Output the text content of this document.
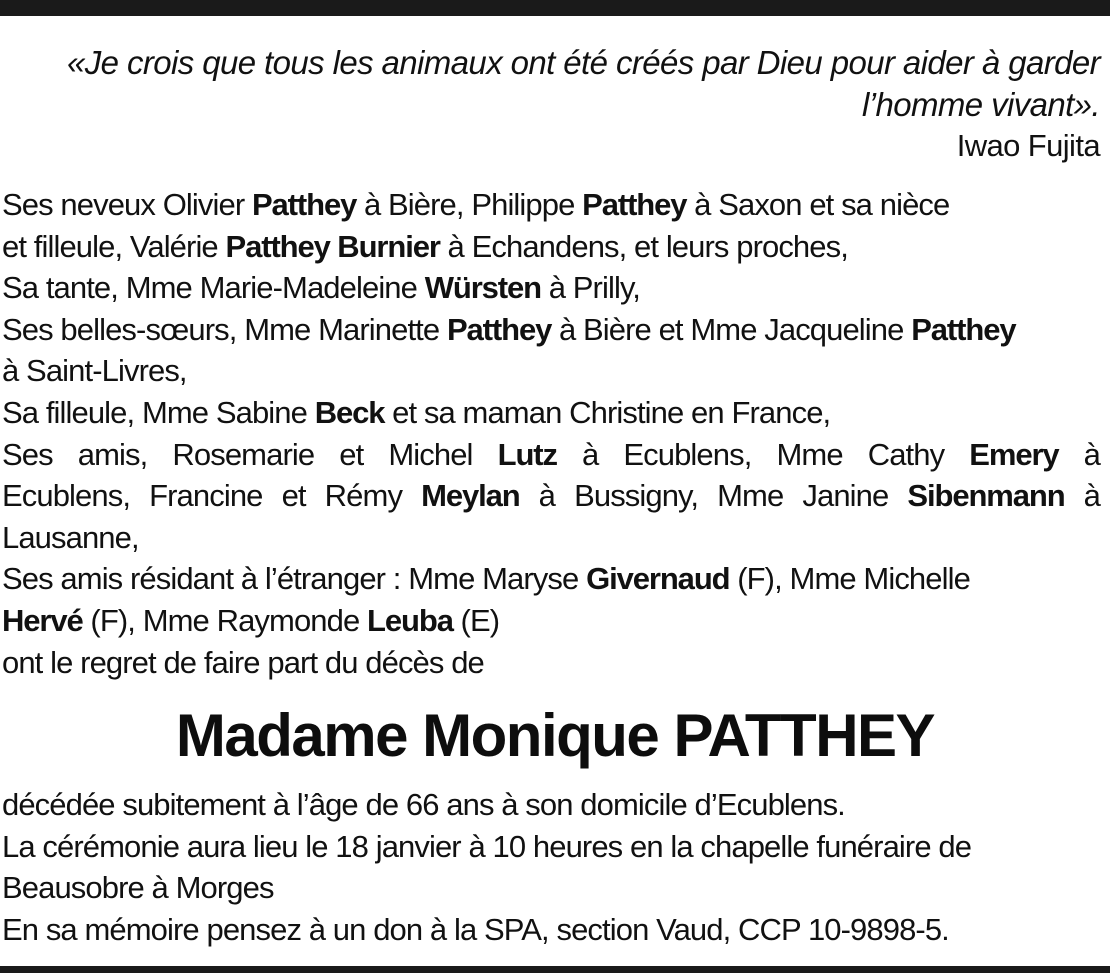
«Je crois que tous les animaux ont été créés par Dieu pour aider à garder
l’homme vivant».
Iwao Fujita
Ses neveux Olivier Patthey à Bière, Philippe Patthey à Saxon et sa nièce
et filleule, Valérie Patthey Burnier à Echandens, et leurs proches,
Sa tante, Mme Marie-Madeleine Würsten à Prilly,
Ses belles-sœurs, Mme Marinette Patthey à Bière et Mme Jacqueline Patthey
à Saint-Livres,
Sa filleule, Mme Sabine Beck et sa maman Christine en France,
Ses amis, Rosemarie et Michel Lutz à Ecublens, Mme Cathy Emery à
Ecublens, Francine et Rémy Meylan à Bussigny, Mme Janine Sibenmann à
Lausanne,
Ses amis résidant à l’étranger : Mme Maryse Givernaud (F), Mme Michelle
Hervé (F), Mme Raymonde Leuba (E)
ont le regret de faire part du décès de
Madame Monique PATTHEY
décédée subitement à l’âge de 66 ans à son domicile d’Ecublens.
La cérémonie aura lieu le 18 janvier à 10 heures en la chapelle funéraire de
Beausobre à Morges
En sa mémoire pensez à un don à la SPA, section Vaud, CCP 10-9898-5.
